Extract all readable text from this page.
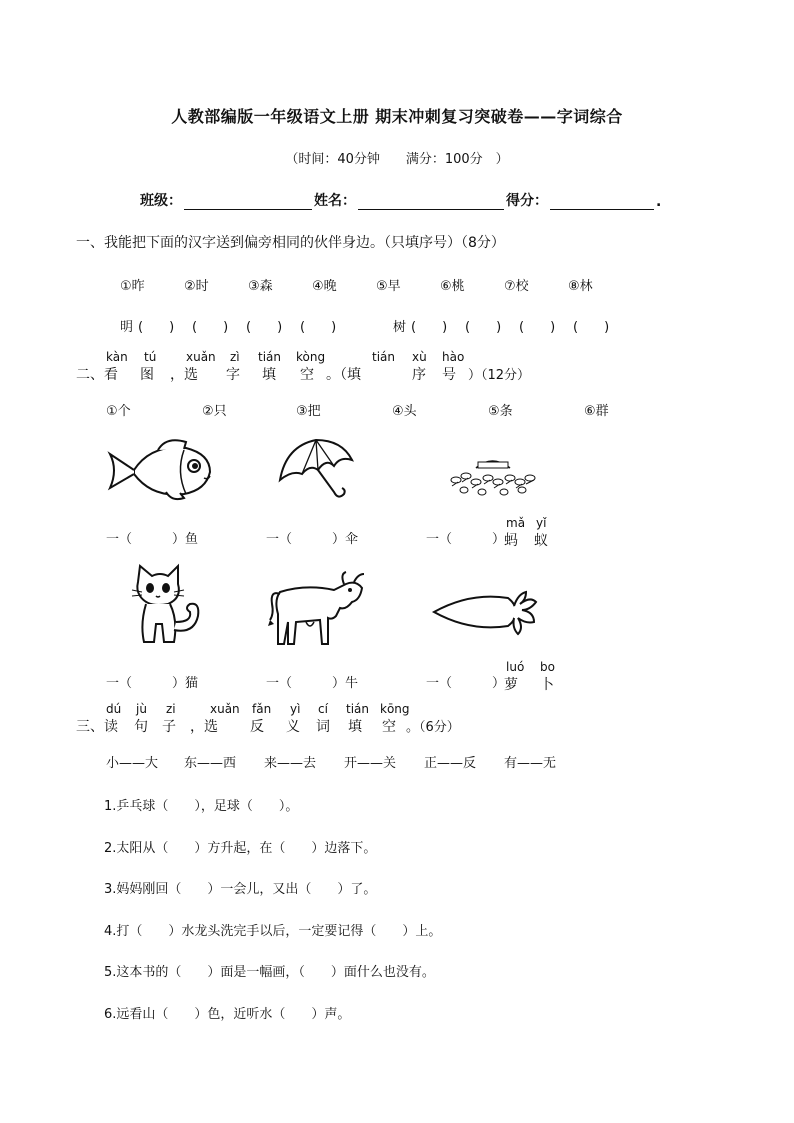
人教部编版一年级语文上册 期末冲刺复习突破卷——字词综合
（时间：40分钟　　满分：100分　）
班级：	姓名：	得分：	.
一、我能把下面的汉字送到偏旁相同的伙伴身边。（只填序号）（8分）
①昨	②时	③森	④晚	⑤早	⑥桃	⑦校	⑧林
明 (　　) (　　) (　　) (　　)	树 (　　) (　　) (　　) (　　)
二、
kàn
看
tú
图
xuǎn
，选
zì
字
tián
填
kòng
空 。（填
tián xù
序
hào
号 ）（12分）
①个	②只	③把	④头	⑤条	⑥群
一（	）鱼	一（	）伞	一（	）
mǎ yǐ
蚂 蚁
一（	）猫	一（	）牛	一（	）
luó bo
萝 卜
三、
dú
读
jù
句
zi
子
xuǎn
，选
fǎn
反
yì
义
cí
词
tián
填
kōng
空 。（6分）
小——大 东——西 来——去 开——关 正——反 有——无
1.乒乓球（　　），足球（　　）。
2.太阳从（　　）方升起，在（　　）边落下。
3.妈妈刚回（　　）一会儿，又出（　　）了。
4.打（　　）水龙头洗完手以后，一定要记得（　　）上。
5.这本书的（　　）面是一幅画，（　　）面什么也没有。
6.远看山（　　）色，近听水（　　）声。
